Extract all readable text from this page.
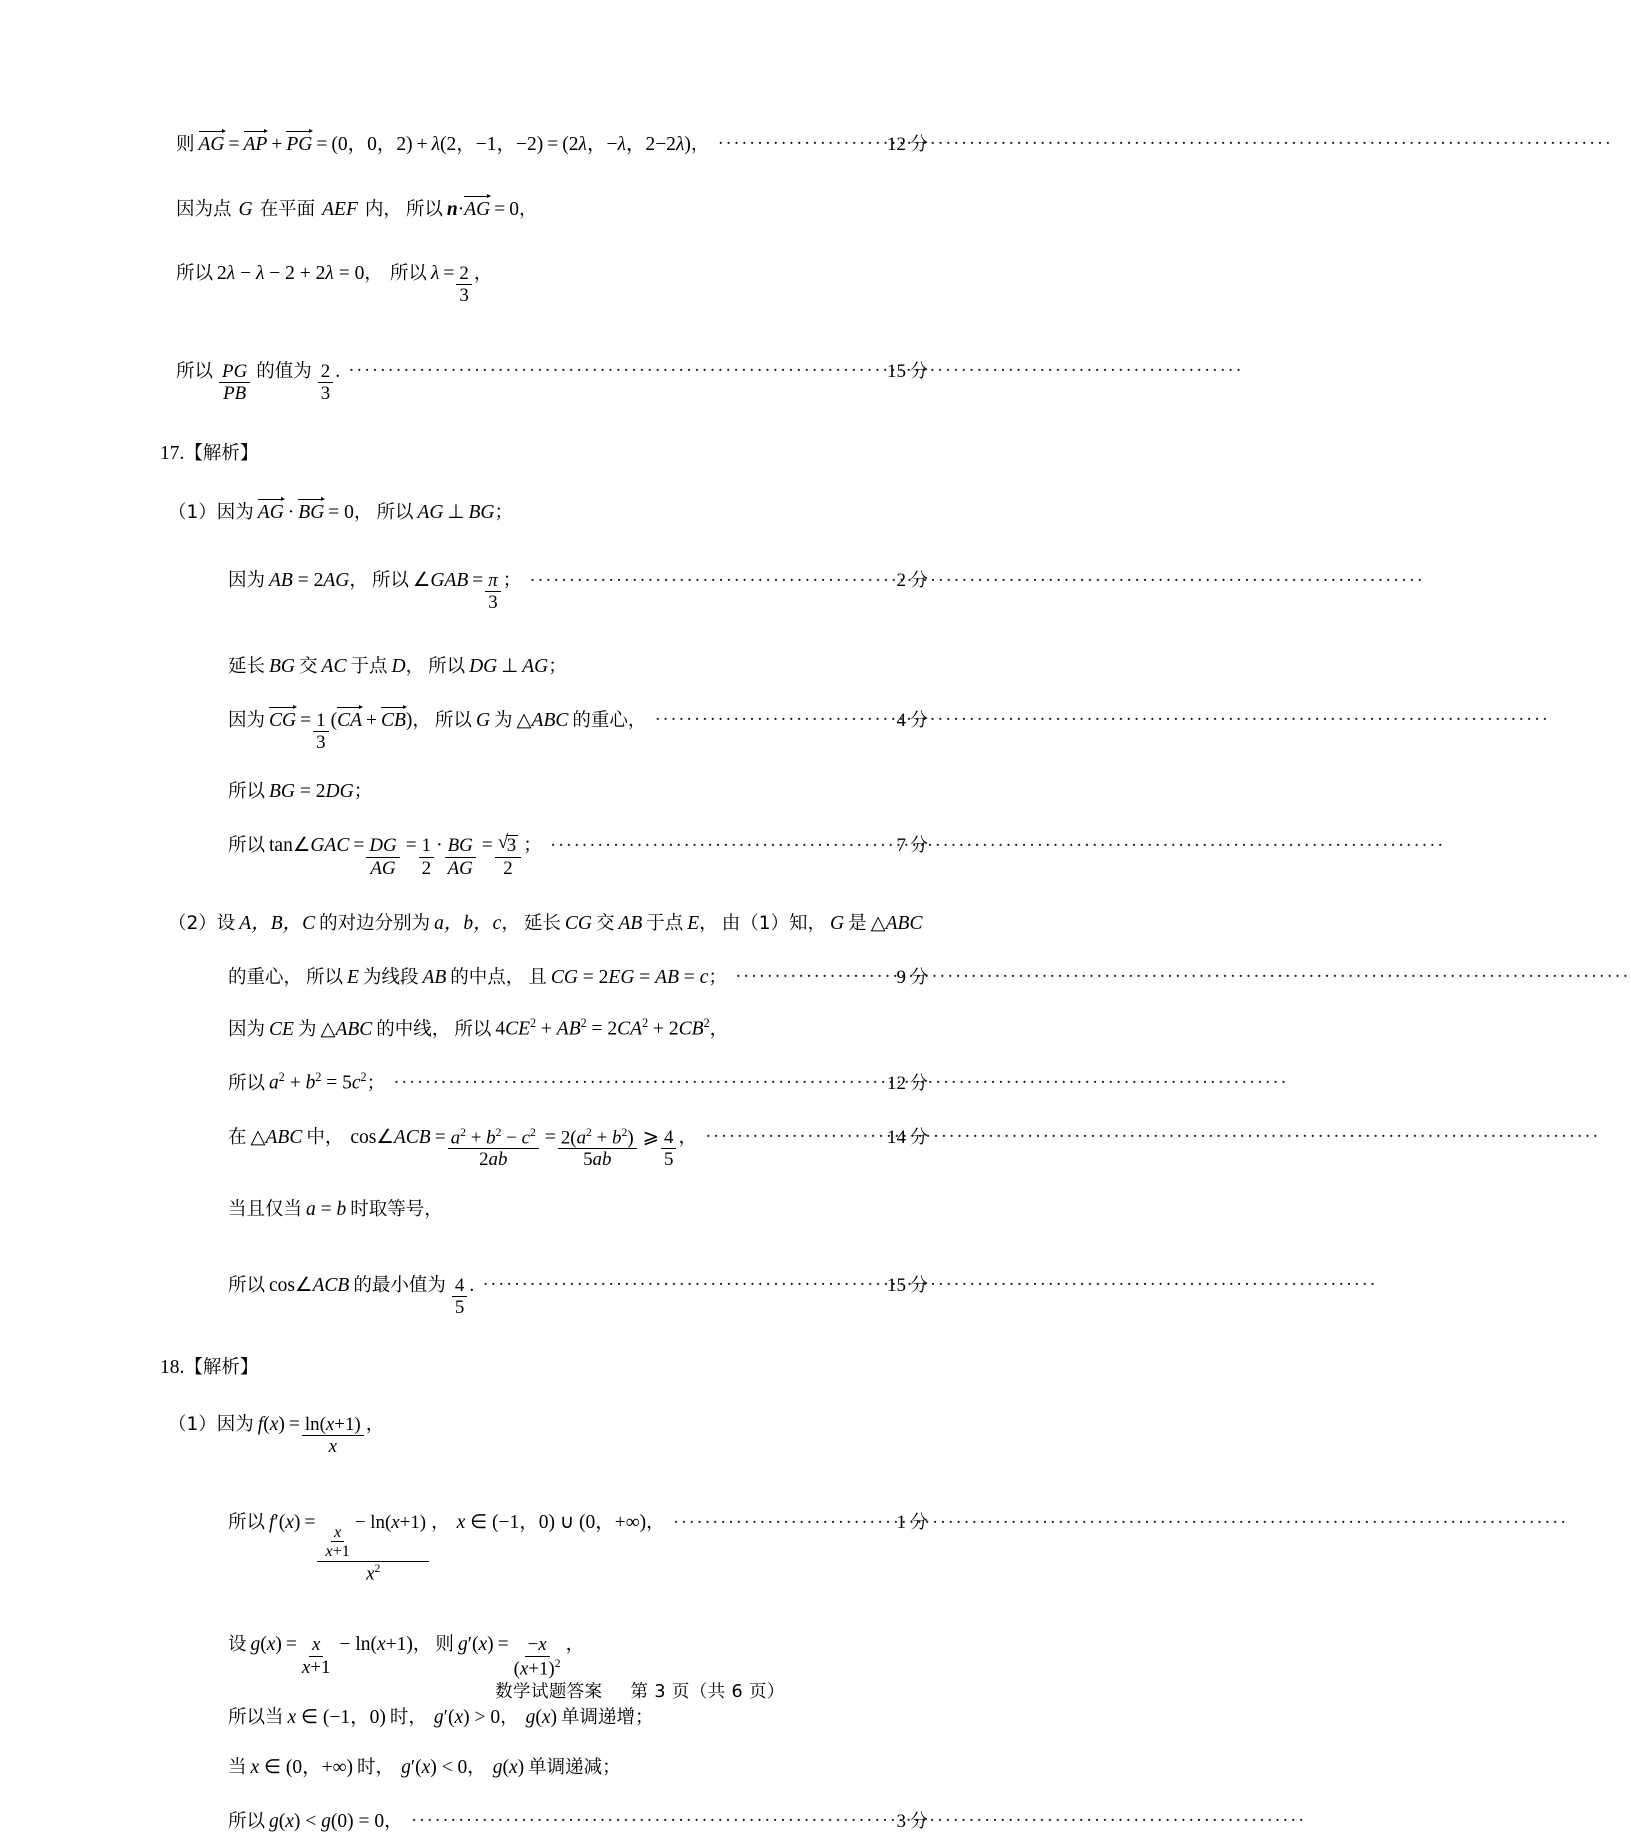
则 AG = AP + PG = (0，0，2) + λ (2，−1，−2) = (2λ，−λ，2−2λ) ， .....	12 分
因为点 G 在平面 AEF 内， 所以 n · AG = 0 ，
所以 2λ − λ − 2 + 2λ = 0 ， 所以 $\lambda = \frac{2}{3}$ ，
所以 $\frac{PG}{PB}$ 的值为 $\frac{2}{3}$ . .....	15 分
17.【解析】
（1） 因为 AG · BG = 0 ， 所以 AG ⊥ BG ；
因为 AB = 2AG ， 所以 ∠ GAB = $\frac{\pi}{3}$ ； .....	2 分
延长 BG 交 AC 于点 D ， 所以 DG ⊥ AG ；
因为 CG = $\frac{1}{3}$ ( CA + CB ) ， 所以 G 为 △ ABC 的重心， .....	4 分
所以 BG = 2DG ；
所以 tan ∠ GAC = $\frac{DG}{AG} = \frac{1}{2} \cdot \frac{BG}{AG}$ = √ $\frac{3}{2}$ ； .....	7 分
（2） 设 A，B，C 的对边分别为 a，b，c ， 延长 CG 交 AB 于点 E ， 由（1）知， G 是 △ ABC
的重心， 所以 E 为线段 AB 的中点， 且 CG = 2EG = AB = c ； .....	9 分
因为 CE 为 △ ABC 的中线， 所以 $4CE^2 + AB^2 = 2CA^2 + 2CB^2$ ，
所以 $a^2 + b^2 = 5c^2$ ； .....	12 分
在 △ ABC 中， cos ∠ ACB = $\frac{a^2 + b^2 - c^2}{2ab} = \frac{2(a^2 + b^2)}{5ab}$ ⩾ $\frac{4}{5}$ ， .....	14 分
当且仅当 a = b 时取等号，
所以 cos ∠ ACB 的最小值为 $\frac{4}{5}$ . .....	15 分
18.【解析】
（1） 因为 f ( x ) = $\frac{\ln(x+1)}{x}$ ，
所以 $f'(x) = \frac{x}{x+1}$
− ln(x+1)
$x^2$ ， x ∈ (−1，0) ∪ (0，+∞) ， .....	1 分
设 $g(x) = \frac{x}{x+1} - \ln(x+1)$ ， 则 $g'(x) = \frac{-x}{(x+1)^2}$ ，
所以当 x ∈ (−1，0) 时， g′(x) > 0 ， g(x) 单调递增；
当 x ∈ (0，+∞) 时， g′(x) < 0 ， g(x) 单调递减；
所以 g(x) < g(0) = 0 ， .....	3 分
数学试题答案 第 3 页（共 6 页）
